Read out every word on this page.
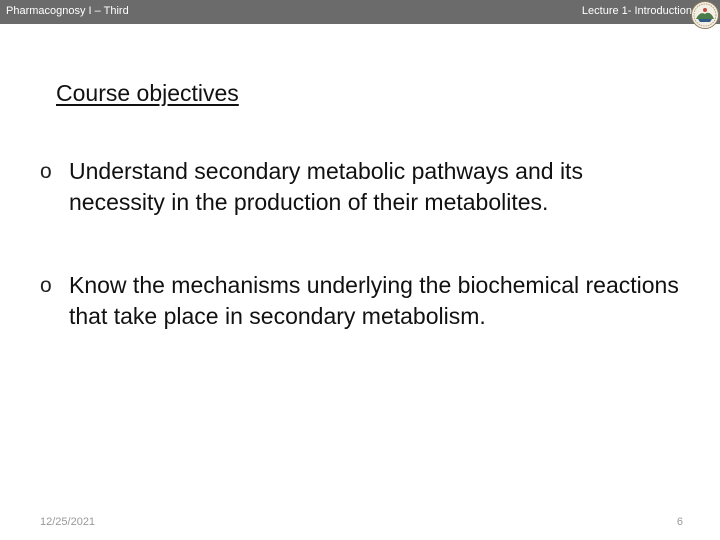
Pharmacognosy I – Third	Lecture 1- Introduction
Course objectives
o Understand secondary metabolic pathways and its necessity in the production of their metabolites.
o Know the mechanisms underlying the biochemical reactions that take place in secondary metabolism.
12/25/2021	6
